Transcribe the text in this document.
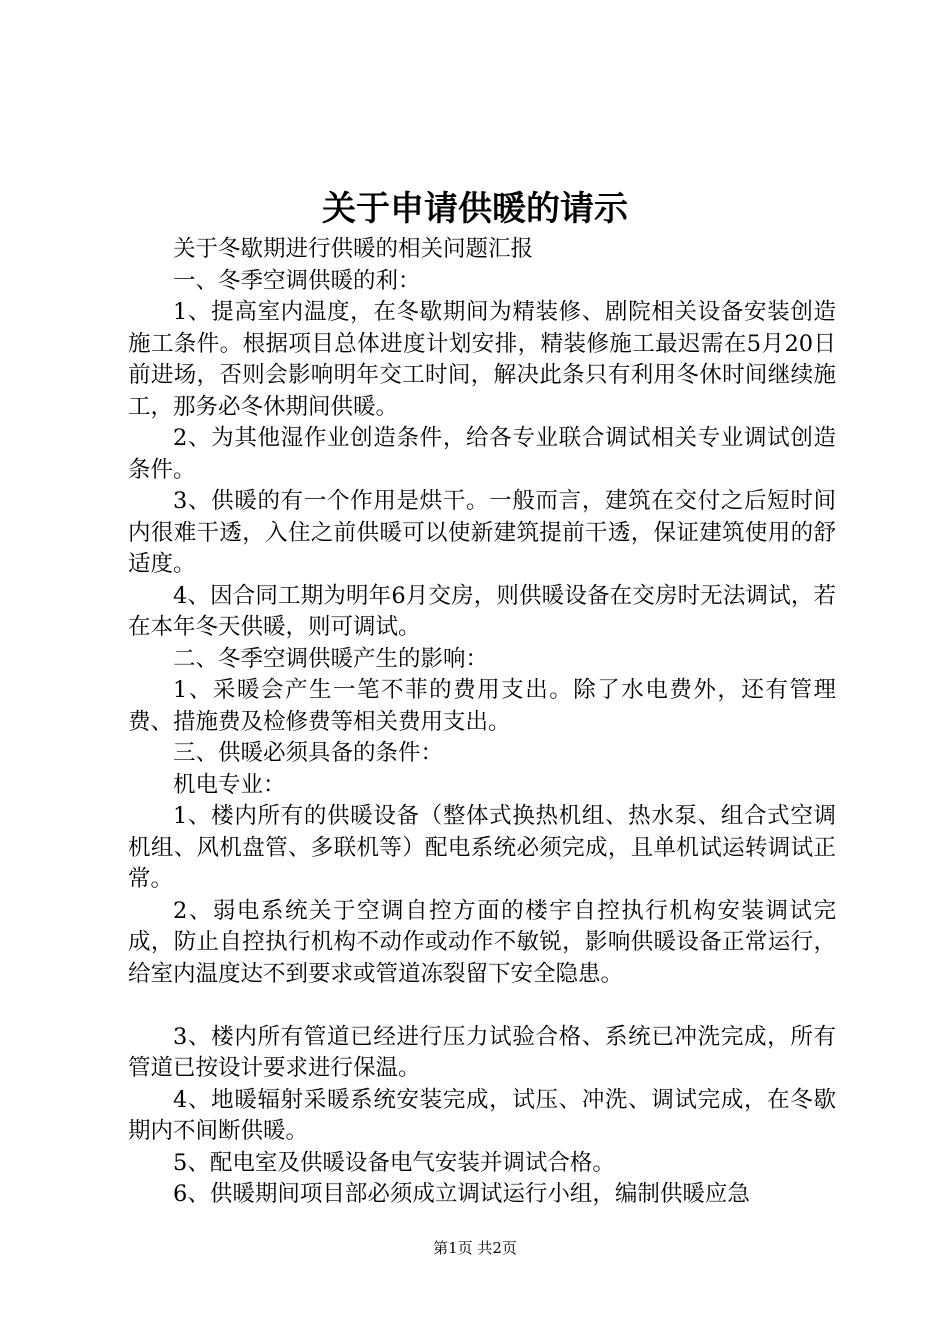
关于申请供暖的请示

关于冬歇期进行供暖的相关问题汇报

一、冬季空调供暖的利：

1、提高室内温度，在冬歇期间为精装修、剧院相关设备安装创造施工条件。根据项目总体进度计划安排，精装修施工最迟需在5月20日前进场，否则会影响明年交工时间，解决此条只有利用冬休时间继续施工，那务必冬休期间供暖。

2、为其他湿作业创造条件，给各专业联合调试相关专业调试创造条件。

3、供暖的有一个作用是烘干。一般而言，建筑在交付之后短时间内很难干透，入住之前供暖可以使新建筑提前干透，保证建筑使用的舒适度。

4、因合同工期为明年6月交房，则供暖设备在交房时无法调试，若在本年冬天供暖，则可调试。

二、冬季空调供暖产生的影响：

1、采暖会产生一笔不菲的费用支出。除了水电费外，还有管理费、措施费及检修费等相关费用支出。

三、供暖必须具备的条件：

机电专业：

1、楼内所有的供暖设备（整体式换热机组、热水泵、组合式空调机组、风机盘管、多联机等）配电系统必须完成，且单机试运转调试正常。

2、弱电系统关于空调自控方面的楼宇自控执行机构安装调试完成，防止自控执行机构不动作或动作不敏锐，影响供暖设备正常运行，给室内温度达不到要求或管道冻裂留下安全隐患。

3、楼内所有管道已经进行压力试验合格、系统已冲洗完成，所有管道已按设计要求进行保温。

4、地暖辐射采暖系统安装完成，试压、冲洗、调试完成，在冬歇期内不间断供暖。

5、配电室及供暖设备电气安装并调试合格。

6、供暖期间项目部必须成立调试运行小组，编制供暖应急

第1页 共2页
